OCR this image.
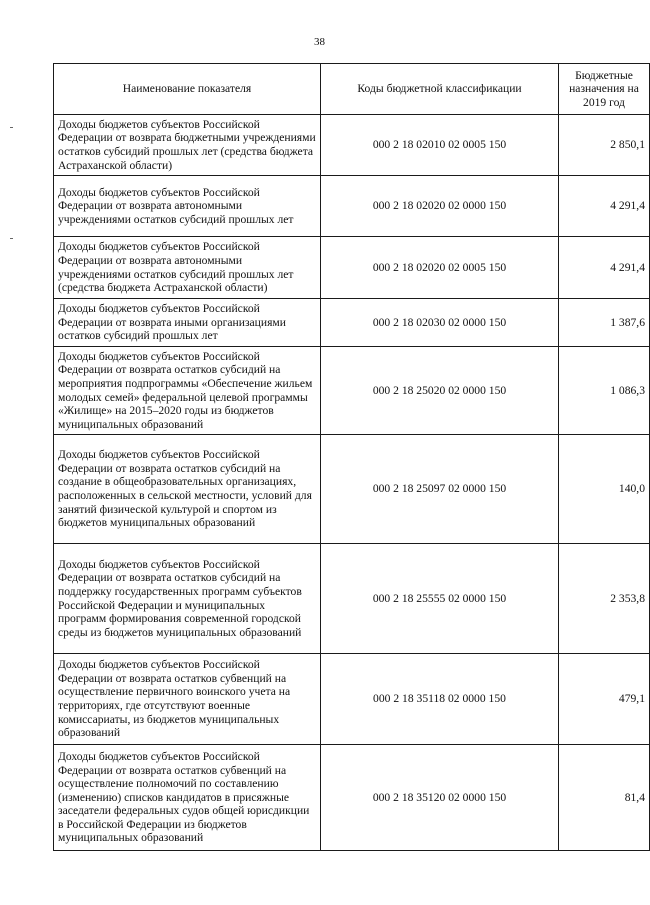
38
Наименование показателя	Коды бюджетной классификации	Бюджетные назначения на 2019 год
Доходы бюджетов субъектов Российской Федерации от возврата бюджетными учреждениями остатков субсидий прошлых лет (средства бюджета Астраханской области)	000 2 18 02010 02 0005 150	2 850,1
Доходы бюджетов субъектов Российской Федерации от возврата автономными учреждениями остатков субсидий прошлых лет	000 2 18 02020 02 0000 150	4 291,4
Доходы бюджетов субъектов Российской Федерации от возврата автономными учреждениями остатков субсидий прошлых лет (средства бюджета Астраханской области)	000 2 18 02020 02 0005 150	4 291,4
Доходы бюджетов субъектов Российской Федерации от возврата иными организациями остатков субсидий прошлых лет	000 2 18 02030 02 0000 150	1 387,6
Доходы бюджетов субъектов Российской Федерации от возврата остатков субсидий на мероприятия подпрограммы «Обеспечение жильем молодых семей» федеральной целевой программы «Жилище» на 2015–2020 годы из бюджетов муниципальных образований	000 2 18 25020 02 0000 150	1 086,3
Доходы бюджетов субъектов Российской Федерации от возврата остатков субсидий на создание в общеобразовательных организациях, расположенных в сельской местности, условий для занятий физической культурой и спортом из бюджетов муниципальных образований	000 2 18 25097 02 0000 150	140,0
Доходы бюджетов субъектов Российской Федерации от возврата остатков субсидий на поддержку государственных программ субъектов Российской Федерации и муниципальных программ формирования современной городской среды из бюджетов муниципальных образований	000 2 18 25555 02 0000 150	2 353,8
Доходы бюджетов субъектов Российской Федерации от возврата остатков субвенций на осуществление первичного воинского учета на территориях, где отсутствуют военные комиссариаты, из бюджетов муниципальных образований	000 2 18 35118 02 0000 150	479,1
Доходы бюджетов субъектов Российской Федерации от возврата остатков субвенций на осуществление полномочий по составлению (изменению) списков кандидатов в присяжные заседатели федеральных судов общей юрисдикции в Российской Федерации из бюджетов муниципальных образований	000 2 18 35120 02 0000 150	81,4
